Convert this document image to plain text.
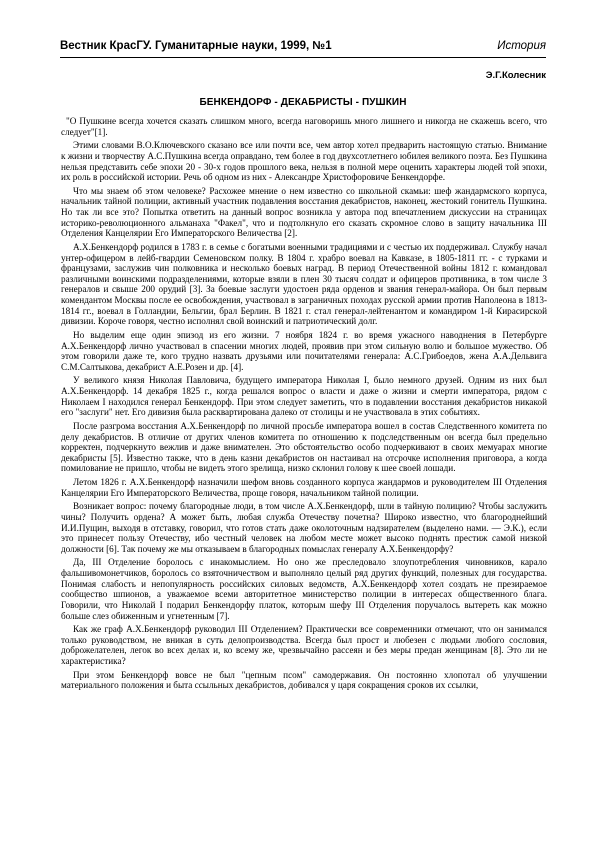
Вестник КрасГУ. Гуманитарные науки, 1999, №1	История
Э.Г.Колесник
БЕНКЕНДОРФ - ДЕКАБРИСТЫ - ПУШКИН

"О Пушкине всегда хочется сказать слишком много, всегда наговоришь много лишнего и никогда не скажешь всего, что следует"[1].

Этими словами В.О.Ключевского сказано все или почти все, чем автор хотел предварить настоящую статью. Внимание к жизни и творчеству А.С.Пушкина всегда оправдано, тем более в год двухсотлетнего юбилея великого поэта. Без Пушкина нельзя представить себе эпохи 20 - 30-х годов прошлого века, нельзя в полной мере оценить характеры людей той эпохи, их роль в российской истории. Речь об одном из них - Александре Христофоровиче Бенкендорфе.

Что мы знаем об этом человеке? Расхожее мнение о нем известно со школьной скамьи: шеф жандармского корпуса, начальник тайной полиции, активный участник подавления восстания декабристов, наконец, жестокий гонитель Пушкина. Но так ли все это? Попытка ответить на данный вопрос возникла у автора под впечатлением дискуссии на страницах историко-революционного альманаха "Факел", что и подтолкнуло его сказать скромное слово в защиту начальника III Отделения Канцелярии Его Императорского Величества [2].

А.Х.Бенкендорф родился в 1783 г. в семье с богатыми военными традициями и с честью их поддерживал. Службу начал унтер-офицером в лейб-гвардии Семеновском полку. В 1804 г. храбро воевал на Кавказе, в 1805-1811 гг. - с турками и французами, заслужив чин полковника и несколько боевых наград. В период Отечественной войны 1812 г. командовал различными воинскими подразделениями, которые взяли в плен 30 тысяч солдат и офицеров противника, в том числе 3 генералов и свыше 200 орудий [3]. За боевые заслуги удостоен ряда орденов и звания генерал-майора. Он был первым комендантом Москвы после ее освобождения, участвовал в заграничных походах русской армии против Наполеона в 1813-1814 гг., воевал в Голландии, Бельгии, брал Берлин. В 1821 г. стал генерал-лейтенантом и командиром 1-й Кирасирской дивизии. Короче говоря, честно исполнял свой воинский и патриотический долг.

Но выделим еще один эпизод из его жизни. 7 ноября 1824 г. во время ужасного наводнения в Петербурге А.Х.Бенкендорф лично участвовал в спасении многих людей, проявив при этом сильную волю и большое мужество. Об этом говорили даже те, кого трудно назвать друзьями или почитателями генерала: А.С.Грибоедов, жена А.А.Дельвига С.М.Салтыкова, декабрист А.Е.Розен и др. [4].

У великого князя Николая Павловича, будущего императора Николая I, было немного друзей. Одним из них был А.Х.Бенкендорф. 14 декабря 1825 г., когда решался вопрос о власти и даже о жизни и смерти императора, рядом с Николаем I находился генерал Бенкендорф. При этом следует заметить, что в подавлении восстания декабристов никакой его "заслуги" нет. Его дивизия была расквартирована далеко от столицы и не участвовала в этих событиях.

После разгрома восстания А.Х.Бенкендорф по личной просьбе императора вошел в состав Следственного комитета по делу декабристов. В отличие от других членов комитета по отношению к подследственным он всегда был предельно корректен, подчеркнуто вежлив и даже внимателен. Это обстоятельство особо подчеркивают в своих мемуарах многие декабристы [5]. Известно также, что в день казни декабристов он настаивал на отсрочке исполнения приговора, а когда помилование не пришло, чтобы не видеть этого зрелища, низко склонил голову к шее своей лошади.

Летом 1826 г. А.Х.Бенкендорф назначили шефом вновь созданного корпуса жандармов и руководителем III Отделения Канцелярии Его Императорского Величества, проще говоря, начальником тайной полиции.

Возникает вопрос: почему благородные люди, в том числе А.Х.Бенкендорф, шли в тайную полицию? Чтобы заслужить чины? Получить ордена? А может быть, любая служба Отечеству почетна? Широко известно, что благороднейший И.И.Пущин, выходя в отставку, говорил, что готов стать даже околоточным надзирателем (выделено нами. — Э.К.), если это принесет пользу Отечеству, ибо честный человек на любом месте может высоко поднять престиж самой низкой должности [6]. Так почему же мы отказываем в благородных помыслах генералу А.Х.Бенкендорфу?

Да, III Отделение боролось с инакомыслием. Но оно же преследовало злоупотребления чиновников, карало фальшивомонетчиков, боролось со взяточничеством и выполняло целый ряд других функций, полезных для государства. Понимая слабость и непопулярность российских силовых ведомств, А.Х.Бенкендорф хотел создать не презираемое сообщество шпионов, а уважаемое всеми авторитетное министерство полиции в интересах общественного блага. Говорили, что Николай I подарил Бенкендорфу платок, которым шефу III Отделения поручалось вытереть как можно больше слез обиженным и угнетенным [7].

Как же граф А.Х.Бенкендорф руководил III Отделением? Практически все современники отмечают, что он занимался только руководством, не вникая в суть делопроизводства. Всегда был прост и любезен с людьми любого сословия, доброжелателен, легок во всех делах и, ко всему же, чрезвычайно рассеян и без меры предан женщинам [8]. Это ли не характеристика?

При этом Бенкендорф вовсе не был "цепным псом" самодержавия. Он постоянно хлопотал об улучшении материального положения и быта ссыльных декабристов, добивался у царя сокращения сроков их ссылки,
